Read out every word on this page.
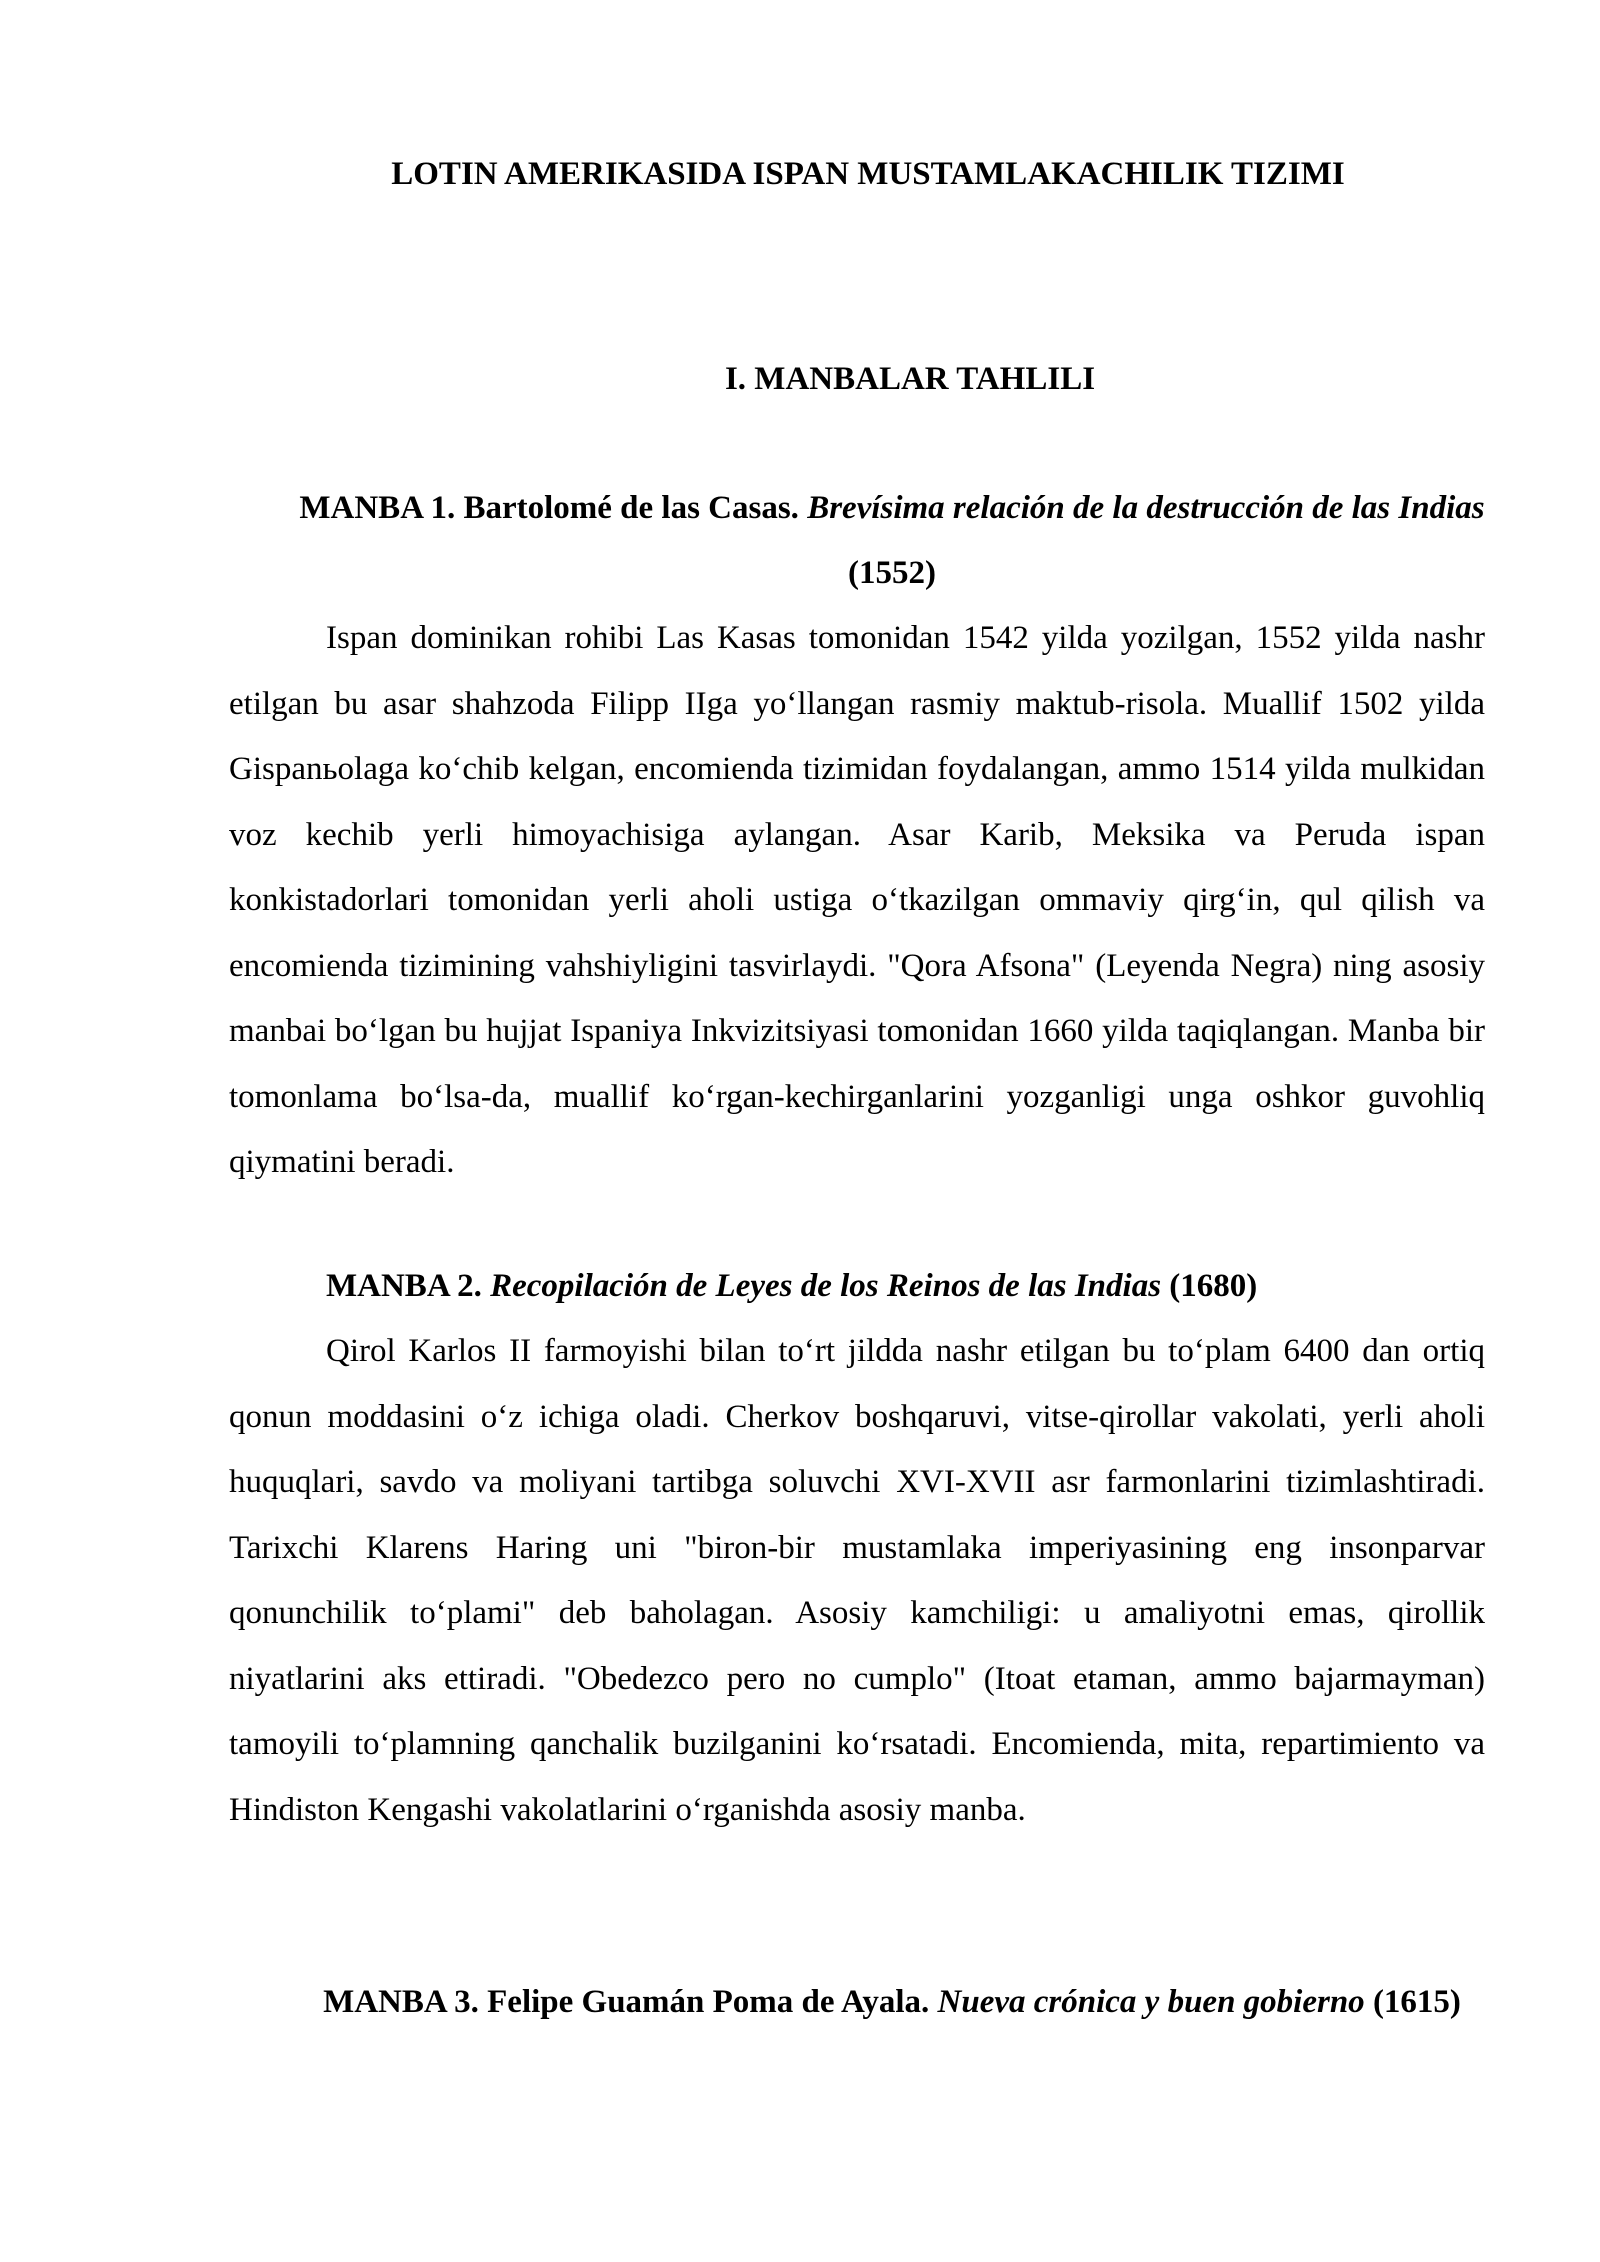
LOTIN AMERIKASIDA ISPAN MUSTAMLAKACHILIK TIZIMI
I. MANBALAR TAHLILI

MANBA 1. Bartolomé de las Casas. Brevísima relación de la destrucción de las Indias (1552)

Ispan dominikan rohibi Las Kasas tomonidan 1542 yilda yozilgan, 1552 yilda nashr etilgan bu asar shahzoda Filipp IIga yo‘llangan rasmiy maktub-risola. Muallif 1502 yilda Gispanьolaga ko‘chib kelgan, encomienda tizimidan foydalangan, ammo 1514 yilda mulkidan voz kechib yerli himoyachisiga aylangan. Asar Karib, Meksika va Peruda ispan konkistadorlari tomonidan yerli aholi ustiga o‘tkazilgan ommaviy qirg‘in, qul qilish va encomienda tizimining vahshiyligini tasvirlaydi. "Qora Afsona" (Leyenda Negra) ning asosiy manbai bo‘lgan bu hujjat Ispaniya Inkvizitsiyasi tomonidan 1660 yilda taqiqlangan. Manba bir tomonlama bo‘lsa-da, muallif ko‘rgan-kechirganlarini yozganligi unga oshkor guvohliq qiymatini beradi.

MANBA 2. Recopilación de Leyes de los Reinos de las Indias (1680)

Qirol Karlos II farmoyishi bilan to‘rt jildda nashr etilgan bu to‘plam 6400 dan ortiq qonun moddasini o‘z ichiga oladi. Cherkov boshqaruvi, vitse-qirollar vakolati, yerli aholi huquqlari, savdo va moliyani tartibga soluvchi XVI-XVII asr farmonlarini tizimlashtiradi. Tarixchi Klarens Haring uni "biron-bir mustamlaka imperiyasining eng insonparvar qonunchilik to‘plami" deb baholagan. Asosiy kamchiligi: u amaliyotni emas, qirollik niyatlarini aks ettiradi. "Obedezco pero no cumplo" (Itoat etaman, ammo bajarmayman) tamoyili to‘plamning qanchalik buzilganini ko‘rsatadi. Encomienda, mita, repartimiento va Hindiston Kengashi vakolatlarini o‘rganishda asosiy manba.

MANBA 3. Felipe Guamán Poma de Ayala. Nueva crónica y buen gobierno (1615)
